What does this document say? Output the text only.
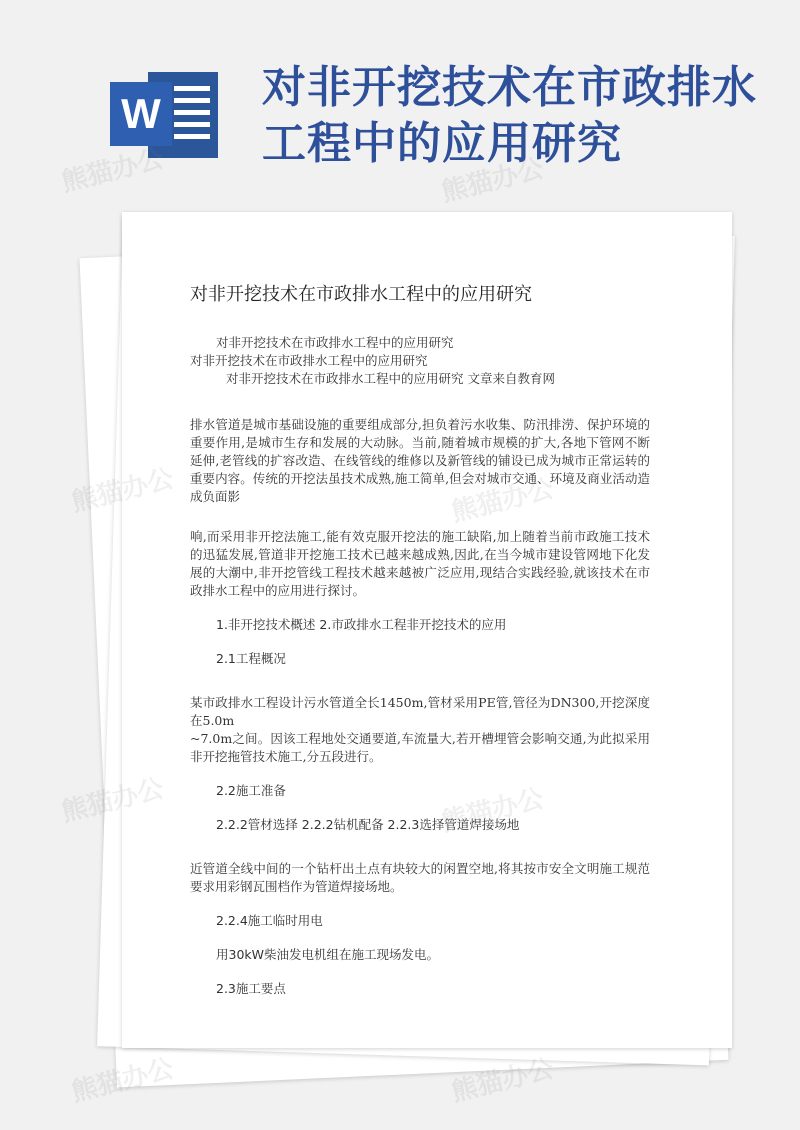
W
对非开挖技术在市政排水工程中的应用研究
对非开挖技术在市政排水工程中的应用研究
对非开挖技术在市政排水工程中的应用研究
对非开挖技术在市政排水工程中的应用研究
对非开挖技术在市政排水工程中的应用研究 文章来自教育网

排水管道是城市基础设施的重要组成部分,担负着污水收集、防汛排涝、保护环境的重要作用,是城市生存和发展的大动脉。当前,随着城市规模的扩大,各地下管网不断延伸,老管线的扩容改造、在线管线的维修以及新管线的铺设已成为城市正常运转的重要内容。传统的开挖法虽技术成熟,施工简单,但会对城市交通、环境及商业活动造成负面影

响,而采用非开挖法施工,能有效克服开挖法的施工缺陷,加上随着当前市政施工技术的迅猛发展,管道非开挖施工技术已越来越成熟,因此,在当今城市建设管网地下化发展的大潮中,非开挖管线工程技术越来越被广泛应用,现结合实践经验,就该技术在市政排水工程中的应用进行探讨。

1.非开挖技术概述 2.市政排水工程非开挖技术的应用
2.1工程概况

某市政排水工程设计污水管道全长1450m,管材采用PE管,管径为DN300,开挖深度在5.0m

~7.0m之间。因该工程地处交通要道,车流量大,若开槽埋管会影响交通,为此拟采用非开挖拖管技术施工,分五段进行。

2.2施工准备
2.2.2管材选择 2.2.2钻机配备 2.2.3选择管道焊接场地

近管道全线中间的一个钻杆出土点有块较大的闲置空地,将其按市安全文明施工规范要求用彩钢瓦围档作为管道焊接场地。

2.2.4施工临时用电
用30kW柴油发电机组在施工现场发电。
2.3施工要点
熊猫办公	熊猫办公
熊猫办公
